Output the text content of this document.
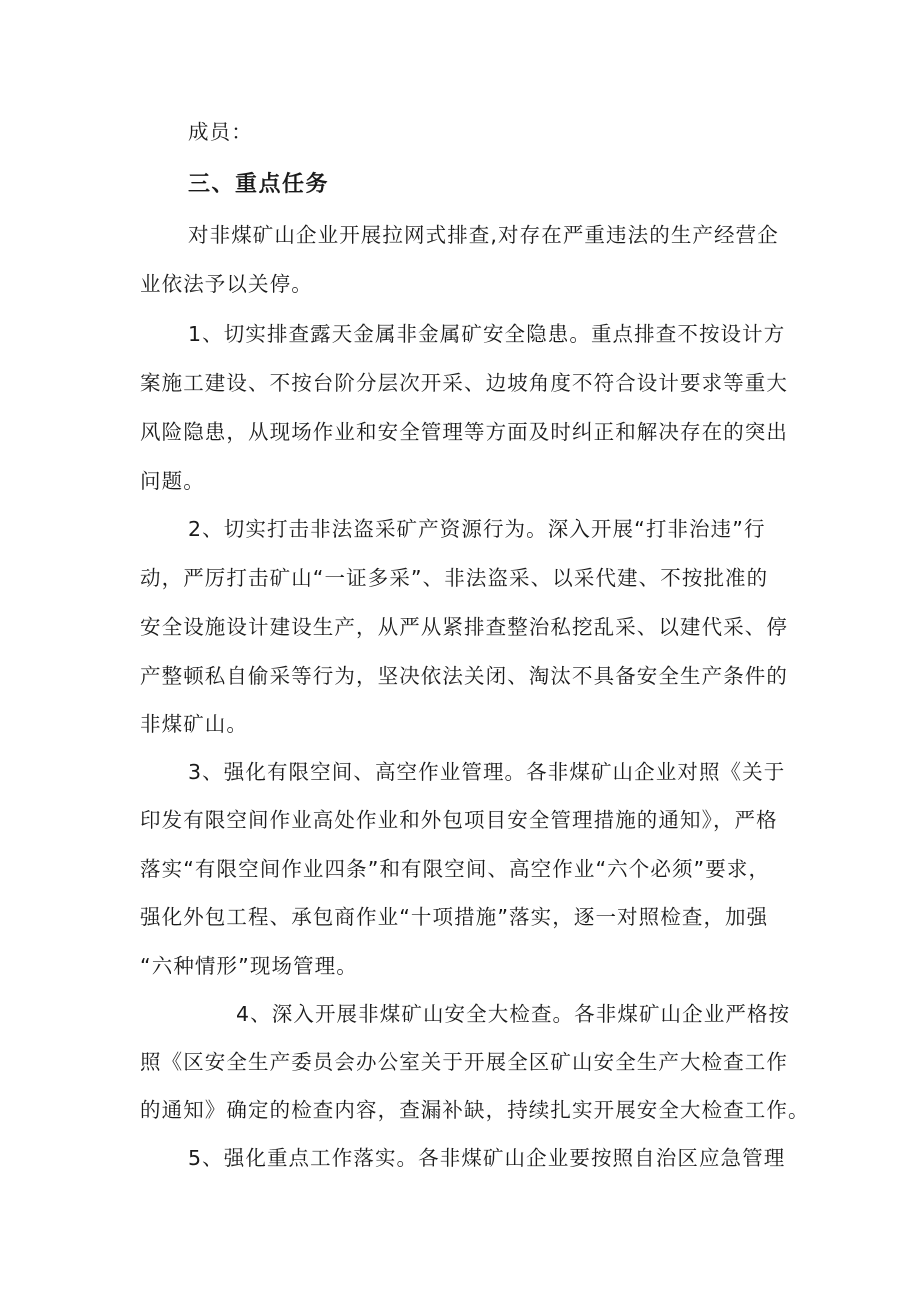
成员：
三、重点任务
对非煤矿山企业开展拉网式排查,对存在严重违法的生产经营企
业依法予以关停。
1、切实排查露天金属非金属矿安全隐患。重点排查不按设计方
案施工建设、不按台阶分层次开采、边坡角度不符合设计要求等重大
风险隐患，从现场作业和安全管理等方面及时纠正和解决存在的突出
问题。
2、切实打击非法盗采矿产资源行为。深入开展“打非治违”行
动，严厉打击矿山“一证多采”、非法盗采、以采代建、不按批准的
安全设施设计建设生产，从严从紧排查整治私挖乱采、以建代采、停
产整顿私自偷采等行为，坚决依法关闭、淘汰不具备安全生产条件的
非煤矿山。
3、强化有限空间、高空作业管理。各非煤矿山企业对照《关于
印发有限空间作业高处作业和外包项目安全管理措施的通知》，严格
落实“有限空间作业四条”和有限空间、高空作业“六个必须”要求，
强化外包工程、承包商作业“十项措施”落实，逐一对照检查，加强
“六种情形”现场管理。
4、深入开展非煤矿山安全大检查。各非煤矿山企业严格按
照《区安全生产委员会办公室关于开展全区矿山安全生产大检查工作
的通知》确定的检查内容，查漏补缺，持续扎实开展安全大检查工作。
5、强化重点工作落实。各非煤矿山企业要按照自治区应急管理
